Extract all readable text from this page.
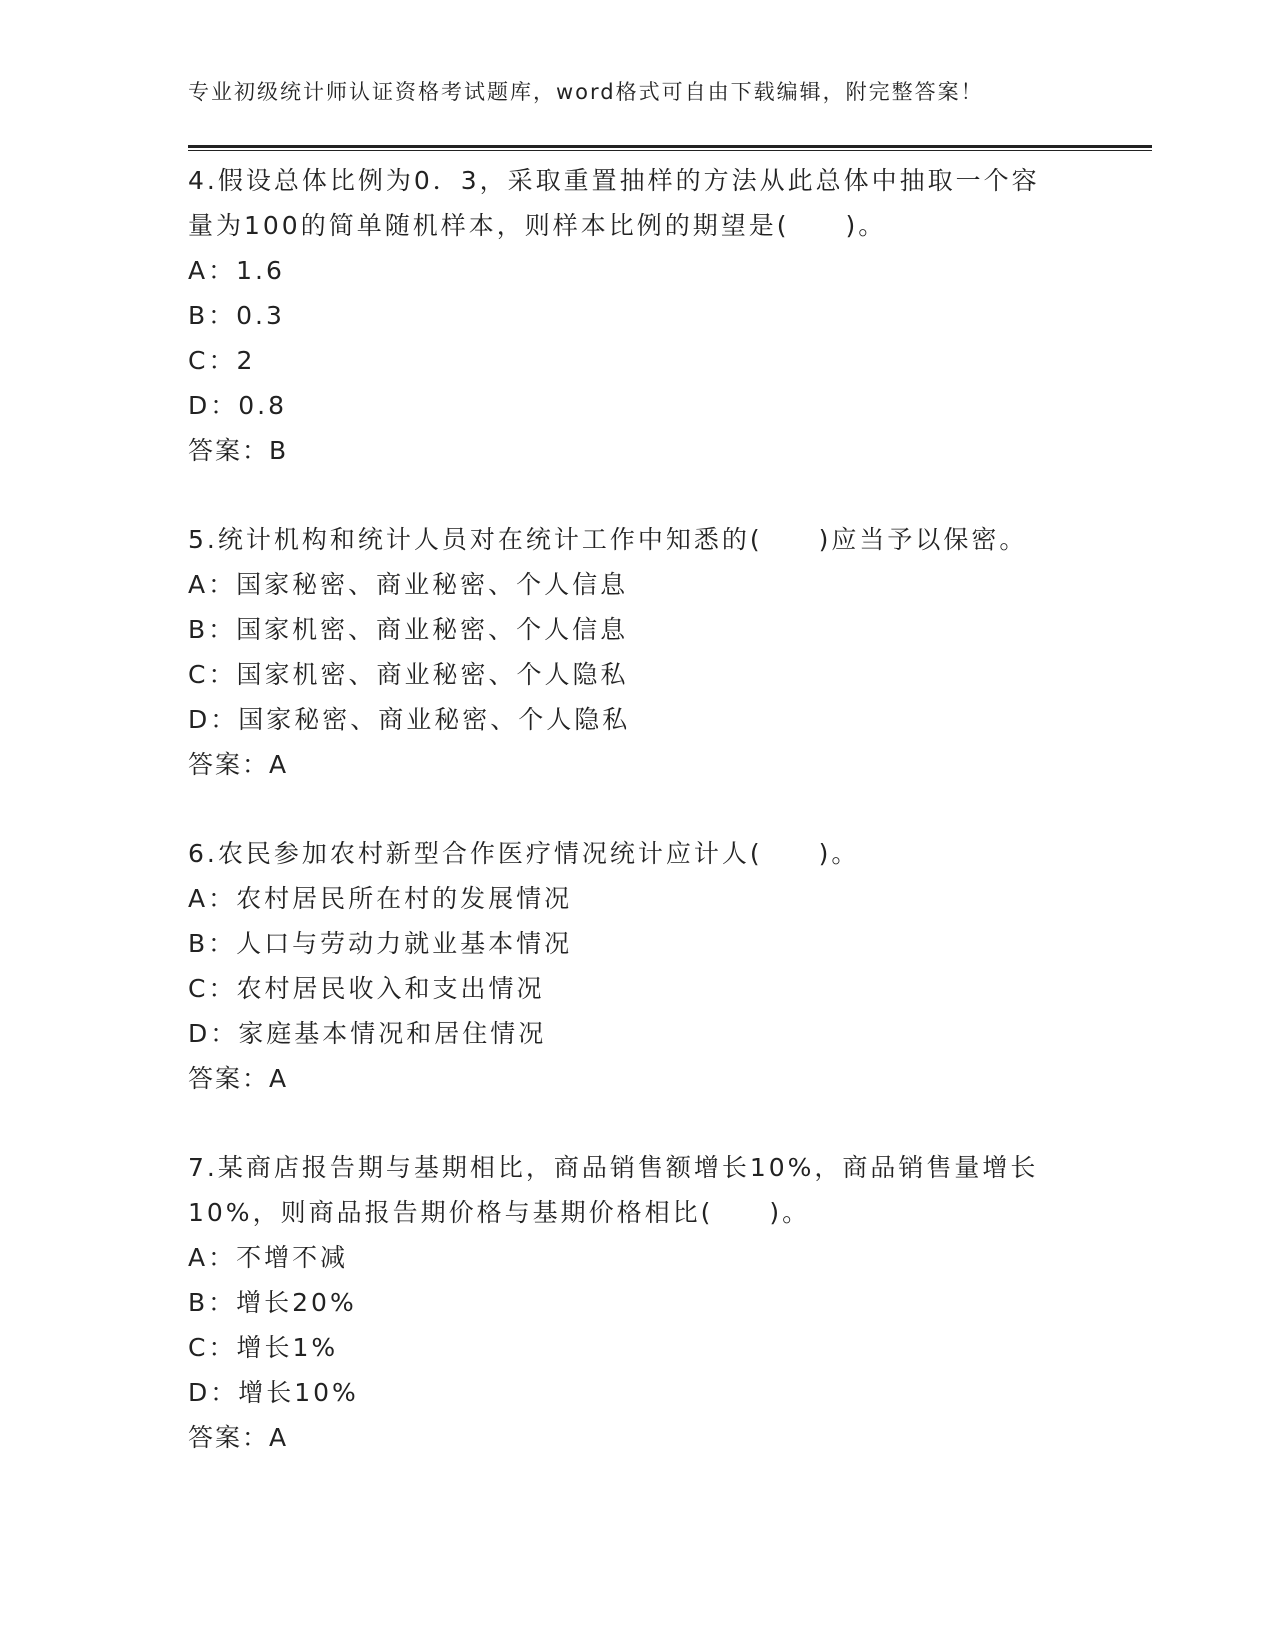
专业初级统计师认证资格考试题库，word格式可自由下载编辑，附完整答案！
4.假设总体比例为0．3，采取重置抽样的方法从此总体中抽取一个容
量为100的简单随机样本，则样本比例的期望是(　　)。
A：1.6
B：0.3
C：2
D：0.8
答案：B
5.统计机构和统计人员对在统计工作中知悉的(　　)应当予以保密。
A：国家秘密、商业秘密、个人信息
B：国家机密、商业秘密、个人信息
C：国家机密、商业秘密、个人隐私
D：国家秘密、商业秘密、个人隐私
答案：A
6.农民参加农村新型合作医疗情况统计应计人(　　)。
A：农村居民所在村的发展情况
B：人口与劳动力就业基本情况
C：农村居民收入和支出情况
D：家庭基本情况和居住情况
答案：A
7.某商店报告期与基期相比，商品销售额增长10%，商品销售量增长
10%，则商品报告期价格与基期价格相比(　　)。
A：不增不减
B：增长20%
C：增长1%
D：增长10%
答案：A
